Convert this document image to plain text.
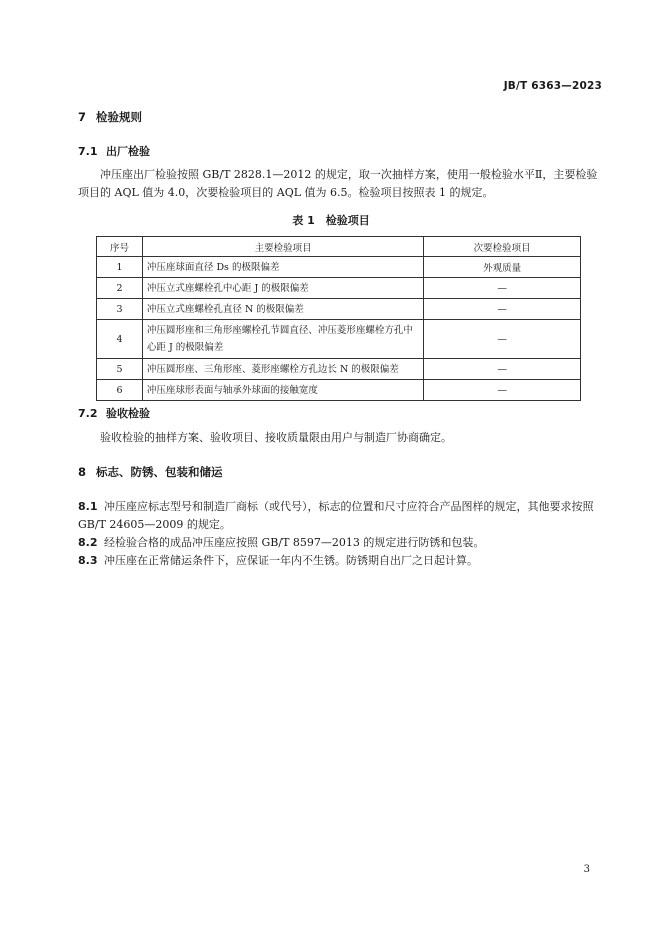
JB/T 6363—2023
7 检验规则
7.1 出厂检验
冲压座出厂检验按照 GB/T 2828.1—2012 的规定，取一次抽样方案，使用一般检验水平Ⅱ，主要检验项目的 AQL 值为 4.0，次要检验项目的 AQL 值为 6.5。检验项目按照表 1 的规定。
表 1　检验项目
序号	主要检验项目	次要检验项目
1	冲压座球面直径 Ds 的极限偏差	外观质量
2	冲压立式座螺栓孔中心距 J 的极限偏差	—
3	冲压立式座螺栓孔直径 N 的极限偏差	—
4	冲压圆形座和三角形座螺栓孔节圆直径、冲压菱形座螺栓方孔中心距 J 的极限偏差	—
5	冲压圆形座、三角形座、菱形座螺栓方孔边长 N 的极限偏差	—
6	冲压座球形表面与轴承外球面的接触宽度	—
7.2 验收检验
验收检验的抽样方案、验收项目、接收质量限由用户与制造厂协商确定。
8 标志、防锈、包装和储运
8.1 冲压座应标志型号和制造厂商标（或代号），标志的位置和尺寸应符合产品图样的规定，其他要求按照 GB/T 24605—2009 的规定。
8.2 经检验合格的成品冲压座应按照 GB/T 8597—2013 的规定进行防锈和包装。
8.3 冲压座在正常储运条件下，应保证一年内不生锈。防锈期自出厂之日起计算。
3
